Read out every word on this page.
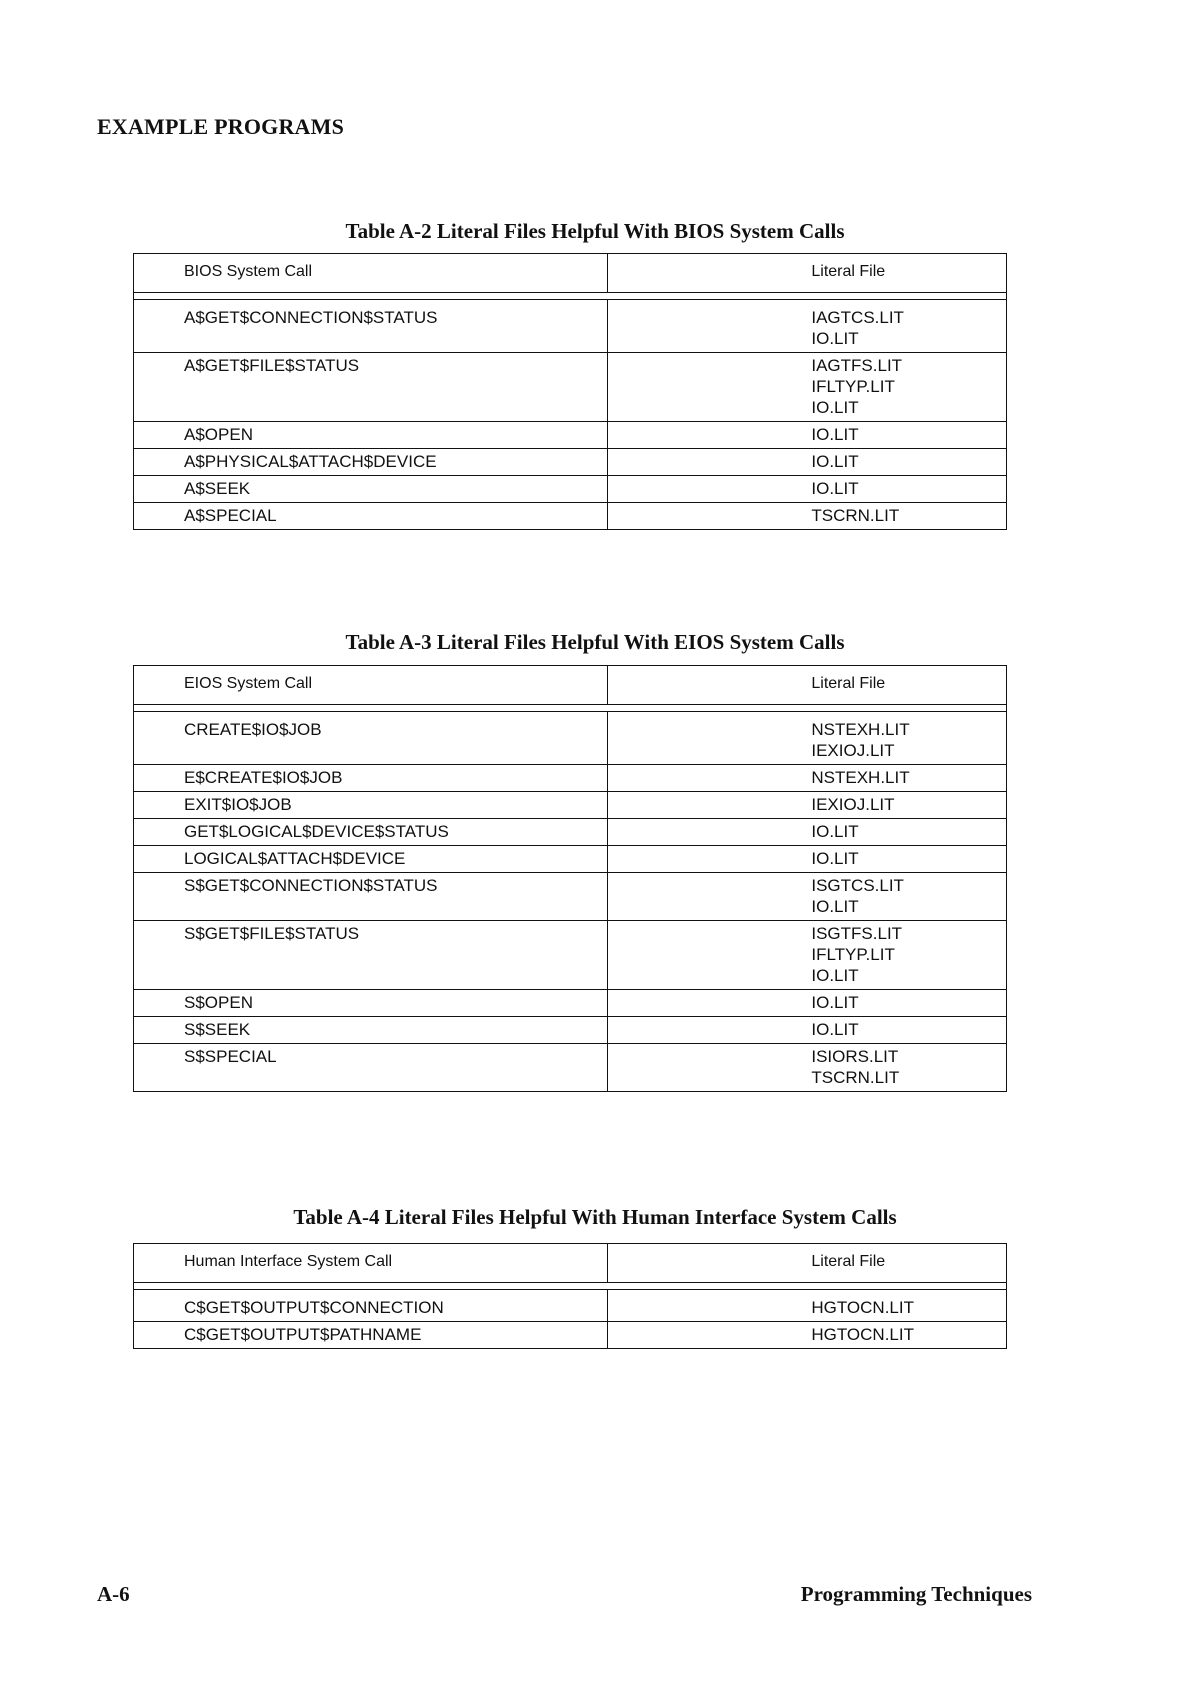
EXAMPLE PROGRAMS
Table A-2 Literal Files Helpful With BIOS System Calls
BIOS System Call	Literal File

A$GET$CONNECTION$STATUS	IAGTCS.LIT
IO.LIT

A$GET$FILE$STATUS	IAGTFS.LIT
IFLTYP.LIT
IO.LIT

A$OPEN	IO.LIT

A$PHYSICAL$ATTACH$DEVICE	IO.LIT

A$SEEK	IO.LIT

A$SPECIAL	TSCRN.LIT
Table A-3 Literal Files Helpful With EIOS System Calls
EIOS System Call	Literal File

CREATE$IO$JOB	NSTEXH.LIT
IEXIOJ.LIT

E$CREATE$IO$JOB	NSTEXH.LIT

EXIT$IO$JOB	IEXIOJ.LIT

GET$LOGICAL$DEVICE$STATUS	IO.LIT

LOGICAL$ATTACH$DEVICE	IO.LIT

S$GET$CONNECTION$STATUS	ISGTCS.LIT
IO.LIT

S$GET$FILE$STATUS	ISGTFS.LIT
IFLTYP.LIT
IO.LIT

S$OPEN	IO.LIT

S$SEEK	IO.LIT

S$SPECIAL	ISIORS.LIT
TSCRN.LIT
Table A-4 Literal Files Helpful With Human Interface System Calls
Human Interface System Call	Literal File

C$GET$OUTPUT$CONNECTION	HGTOCN.LIT

C$GET$OUTPUT$PATHNAME	HGTOCN.LIT
A-6	Programming Techniques
